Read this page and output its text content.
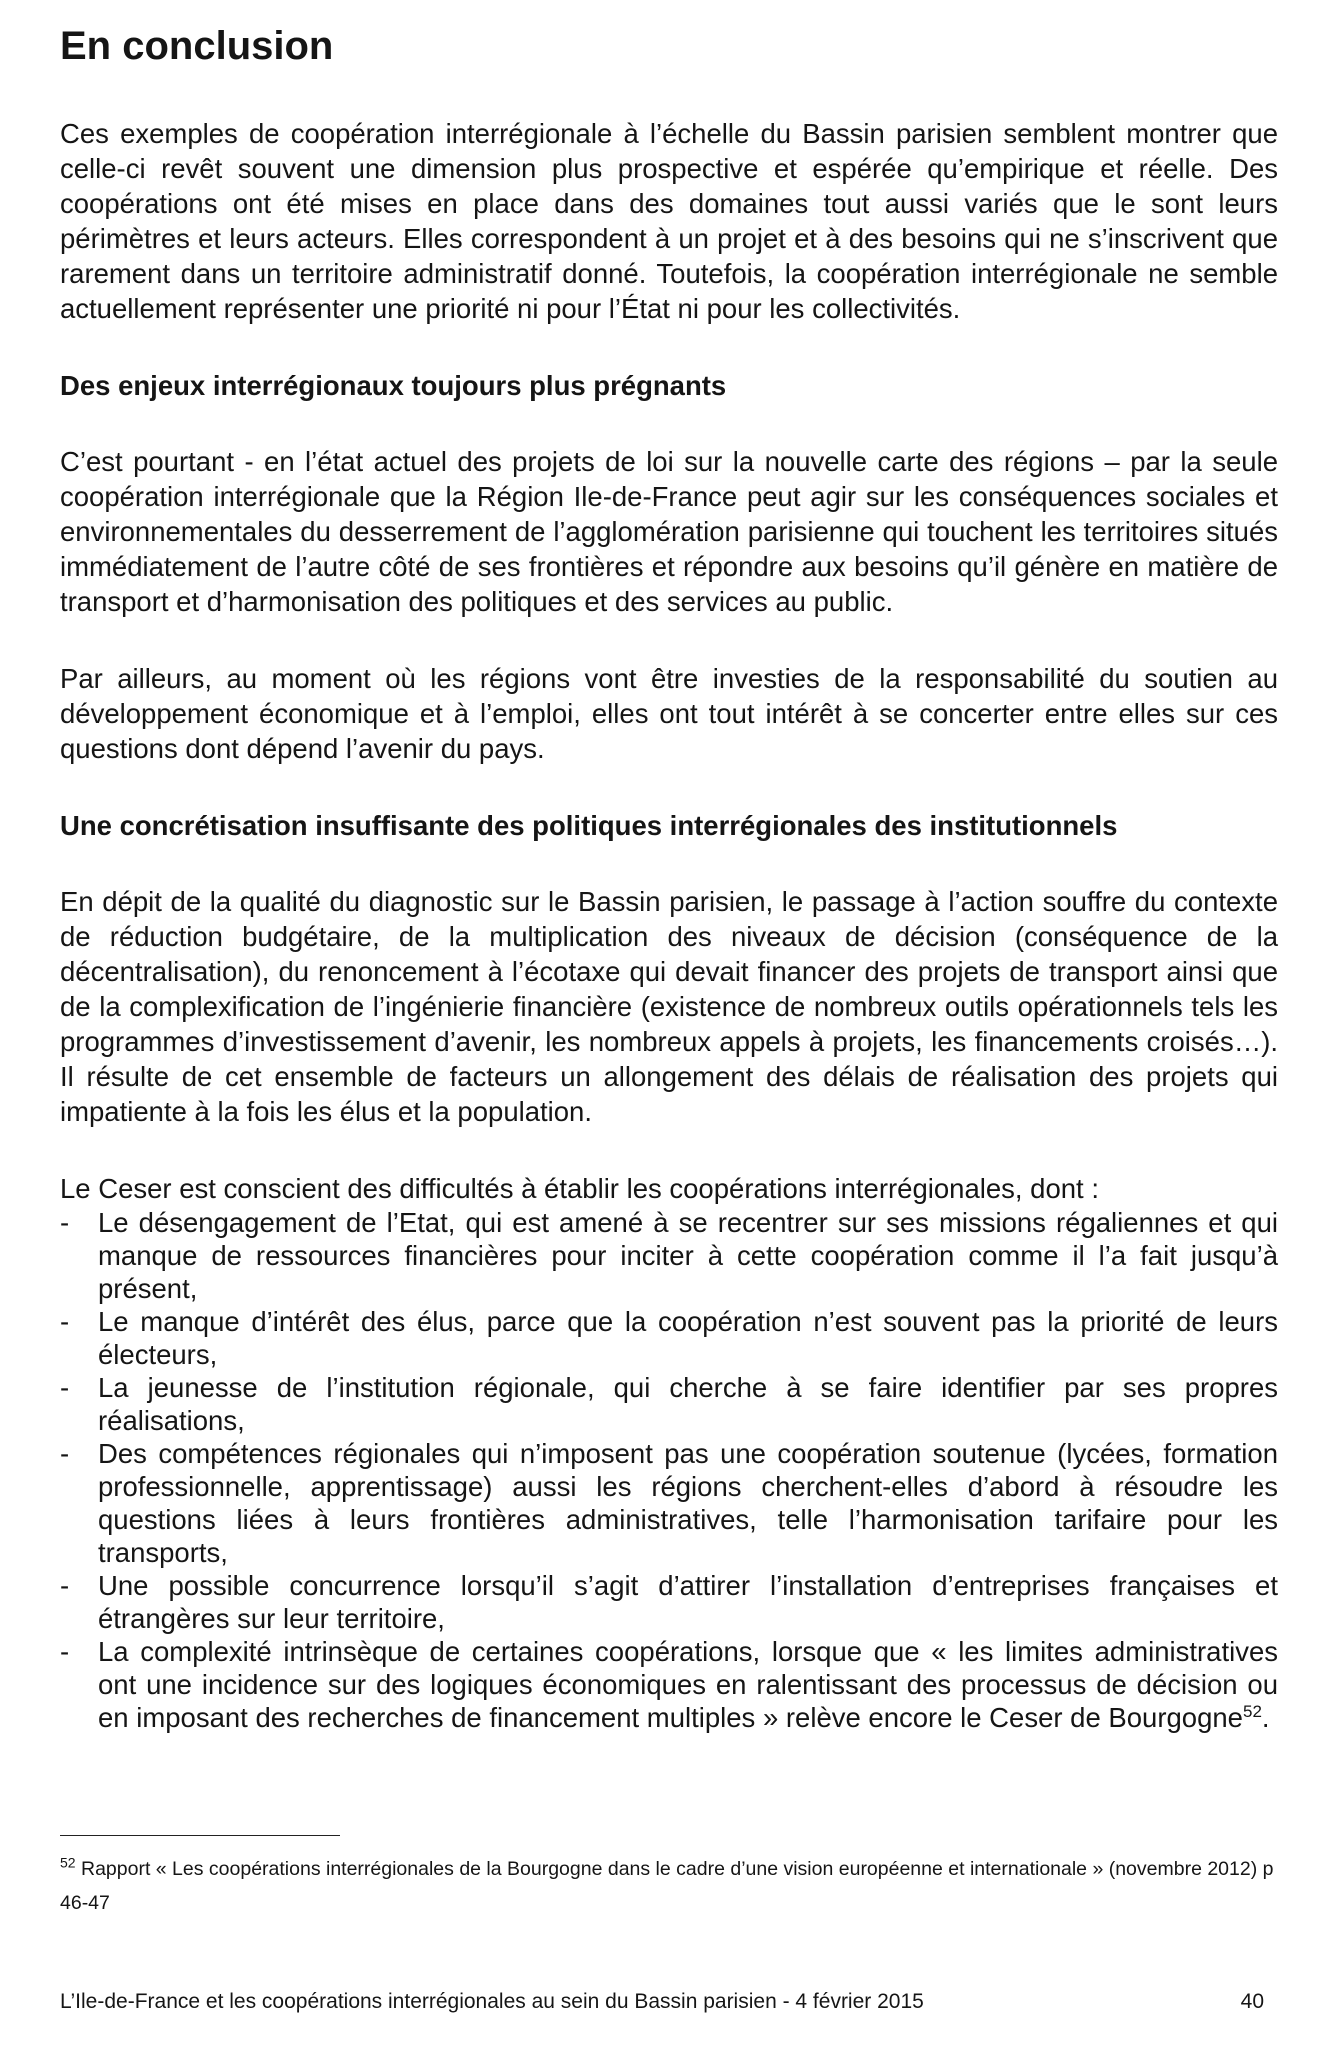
En conclusion

Ces exemples de coopération interrégionale à l’échelle du Bassin parisien semblent montrer que celle-ci revêt souvent une dimension plus prospective et espérée qu’empirique et réelle. Des coopérations ont été mises en place dans des domaines tout aussi variés que le sont leurs périmètres et leurs acteurs. Elles correspondent à un projet et à des besoins qui ne s’inscrivent que rarement dans un territoire administratif donné. Toutefois, la coopération interrégionale ne semble actuellement représenter une priorité ni pour l’État ni pour les collectivités.

Des enjeux interrégionaux toujours plus prégnants

C’est pourtant - en l’état actuel des projets de loi sur la nouvelle carte des régions – par la seule coopération interrégionale que la Région Ile-de-France peut agir sur les conséquences sociales et environnementales du desserrement de l’agglomération parisienne qui touchent les territoires situés immédiatement de l’autre côté de ses frontières et répondre aux besoins qu’il génère en matière de transport et d’harmonisation des politiques et des services au public.

Par ailleurs, au moment où les régions vont être investies de la responsabilité du soutien au développement économique et à l’emploi, elles ont tout intérêt à se concerter entre elles sur ces questions dont dépend l’avenir du pays.

Une concrétisation insuffisante des politiques interrégionales des institutionnels

En dépit de la qualité du diagnostic sur le Bassin parisien, le passage à l’action souffre du contexte de réduction budgétaire, de la multiplication des niveaux de décision (conséquence de la décentralisation), du renoncement à l’écotaxe qui devait financer des projets de transport ainsi que de la complexification de l’ingénierie financière (existence de nombreux outils opérationnels tels les programmes d’investissement d’avenir, les nombreux appels à projets, les financements croisés…). Il résulte de cet ensemble de facteurs un allongement des délais de réalisation des projets qui impatiente à la fois les élus et la population.

Le Ceser est conscient des difficultés à établir les coopérations interrégionales, dont :

- Le désengagement de l’Etat, qui est amené à se recentrer sur ses missions régaliennes et qui manque de ressources financières pour inciter à cette coopération comme il l’a fait jusqu’à présent,
- Le manque d’intérêt des élus, parce que la coopération n’est souvent pas la priorité de leurs électeurs,
- La jeunesse de l’institution régionale, qui cherche à se faire identifier par ses propres réalisations,
- Des compétences régionales qui n’imposent pas une coopération soutenue (lycées, formation professionnelle, apprentissage) aussi les régions cherchent-elles d’abord à résoudre les questions liées à leurs frontières administratives, telle l’harmonisation tarifaire pour les transports,
- Une possible concurrence lorsqu’il s’agit d’attirer l’installation d’entreprises françaises et étrangères sur leur territoire,
- La complexité intrinsèque de certaines coopérations, lorsque que « les limites administratives ont une incidence sur des logiques économiques en ralentissant des processus de décision ou en imposant des recherches de financement multiples » relève encore le Ceser de Bourgogne$^{52}$.
$^{52}$ Rapport « Les coopérations interrégionales de la Bourgogne dans le cadre d’une vision européenne et internationale » (novembre 2012) p 46-47
L’Ile-de-France et les coopérations interrégionales au sein du Bassin parisien - 4 février 2015	40
